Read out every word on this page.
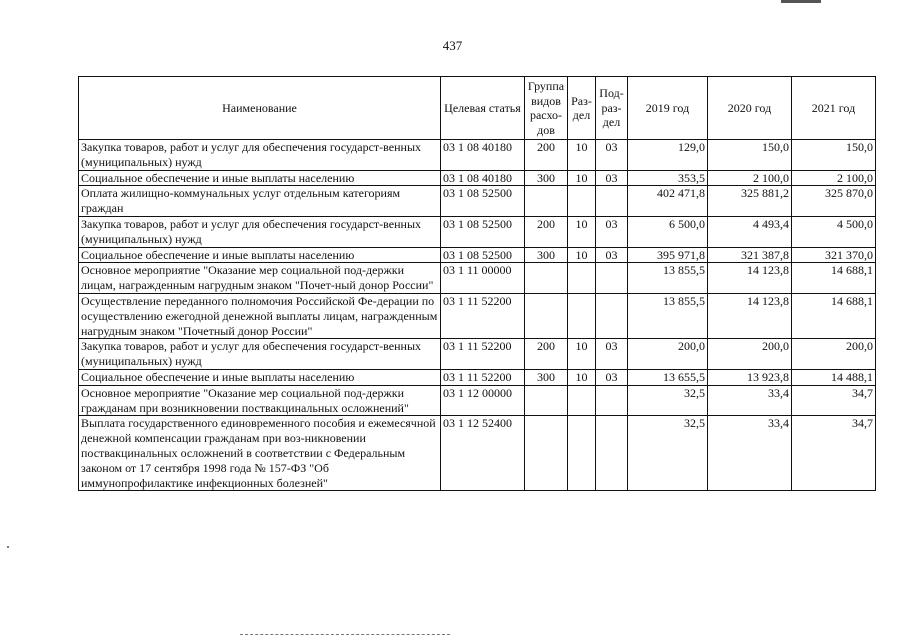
437
Наименование	Целевая статья	Группа видов расхо-дов	Раз-дел	Под-раз-дел	2019 год	2020 год	2021 год
Закупка товаров, работ и услуг для обеспечения государст-венных (муниципальных) нужд	03 1 08 40180	200	10	03	129,0	150,0	150,0
Социальное обеспечение и иные выплаты населению	03 1 08 40180	300	10	03	353,5	2 100,0	2 100,0
Оплата жилищно-коммунальных услуг отдельным категориям граждан	03 1 08 52500				402 471,8	325 881,2	325 870,0
Закупка товаров, работ и услуг для обеспечения государст-венных (муниципальных) нужд	03 1 08 52500	200	10	03	6 500,0	4 493,4	4 500,0
Социальное обеспечение и иные выплаты населению	03 1 08 52500	300	10	03	395 971,8	321 387,8	321 370,0
Основное мероприятие "Оказание мер социальной под-держки лицам, награжденным нагрудным знаком "Почет-ный донор России"	03 1 11 00000				13 855,5	14 123,8	14 688,1
Осуществление переданного полномочия Российской Фе-дерации по осуществлению ежегодной денежной выплаты лицам, награжденным нагрудным знаком "Почетный донор России"	03 1 11 52200				13 855,5	14 123,8	14 688,1
Закупка товаров, работ и услуг для обеспечения государст-венных (муниципальных) нужд	03 1 11 52200	200	10	03	200,0	200,0	200,0
Социальное обеспечение и иные выплаты населению	03 1 11 52200	300	10	03	13 655,5	13 923,8	14 488,1
Основное мероприятие "Оказание мер социальной под-держки гражданам при возникновении поствакцинальных осложнений"	03 1 12 00000				32,5	33,4	34,7
Выплата государственного единовременного пособия и ежемесячной денежной компенсации гражданам при воз-никновении поствакцинальных осложнений в соответствии с Федеральным законом от 17 сентября 1998 года № 157-ФЗ "Об иммунопрофилактике инфекционных болезней"	03 1 12 52400				32,5	33,4	34,7
